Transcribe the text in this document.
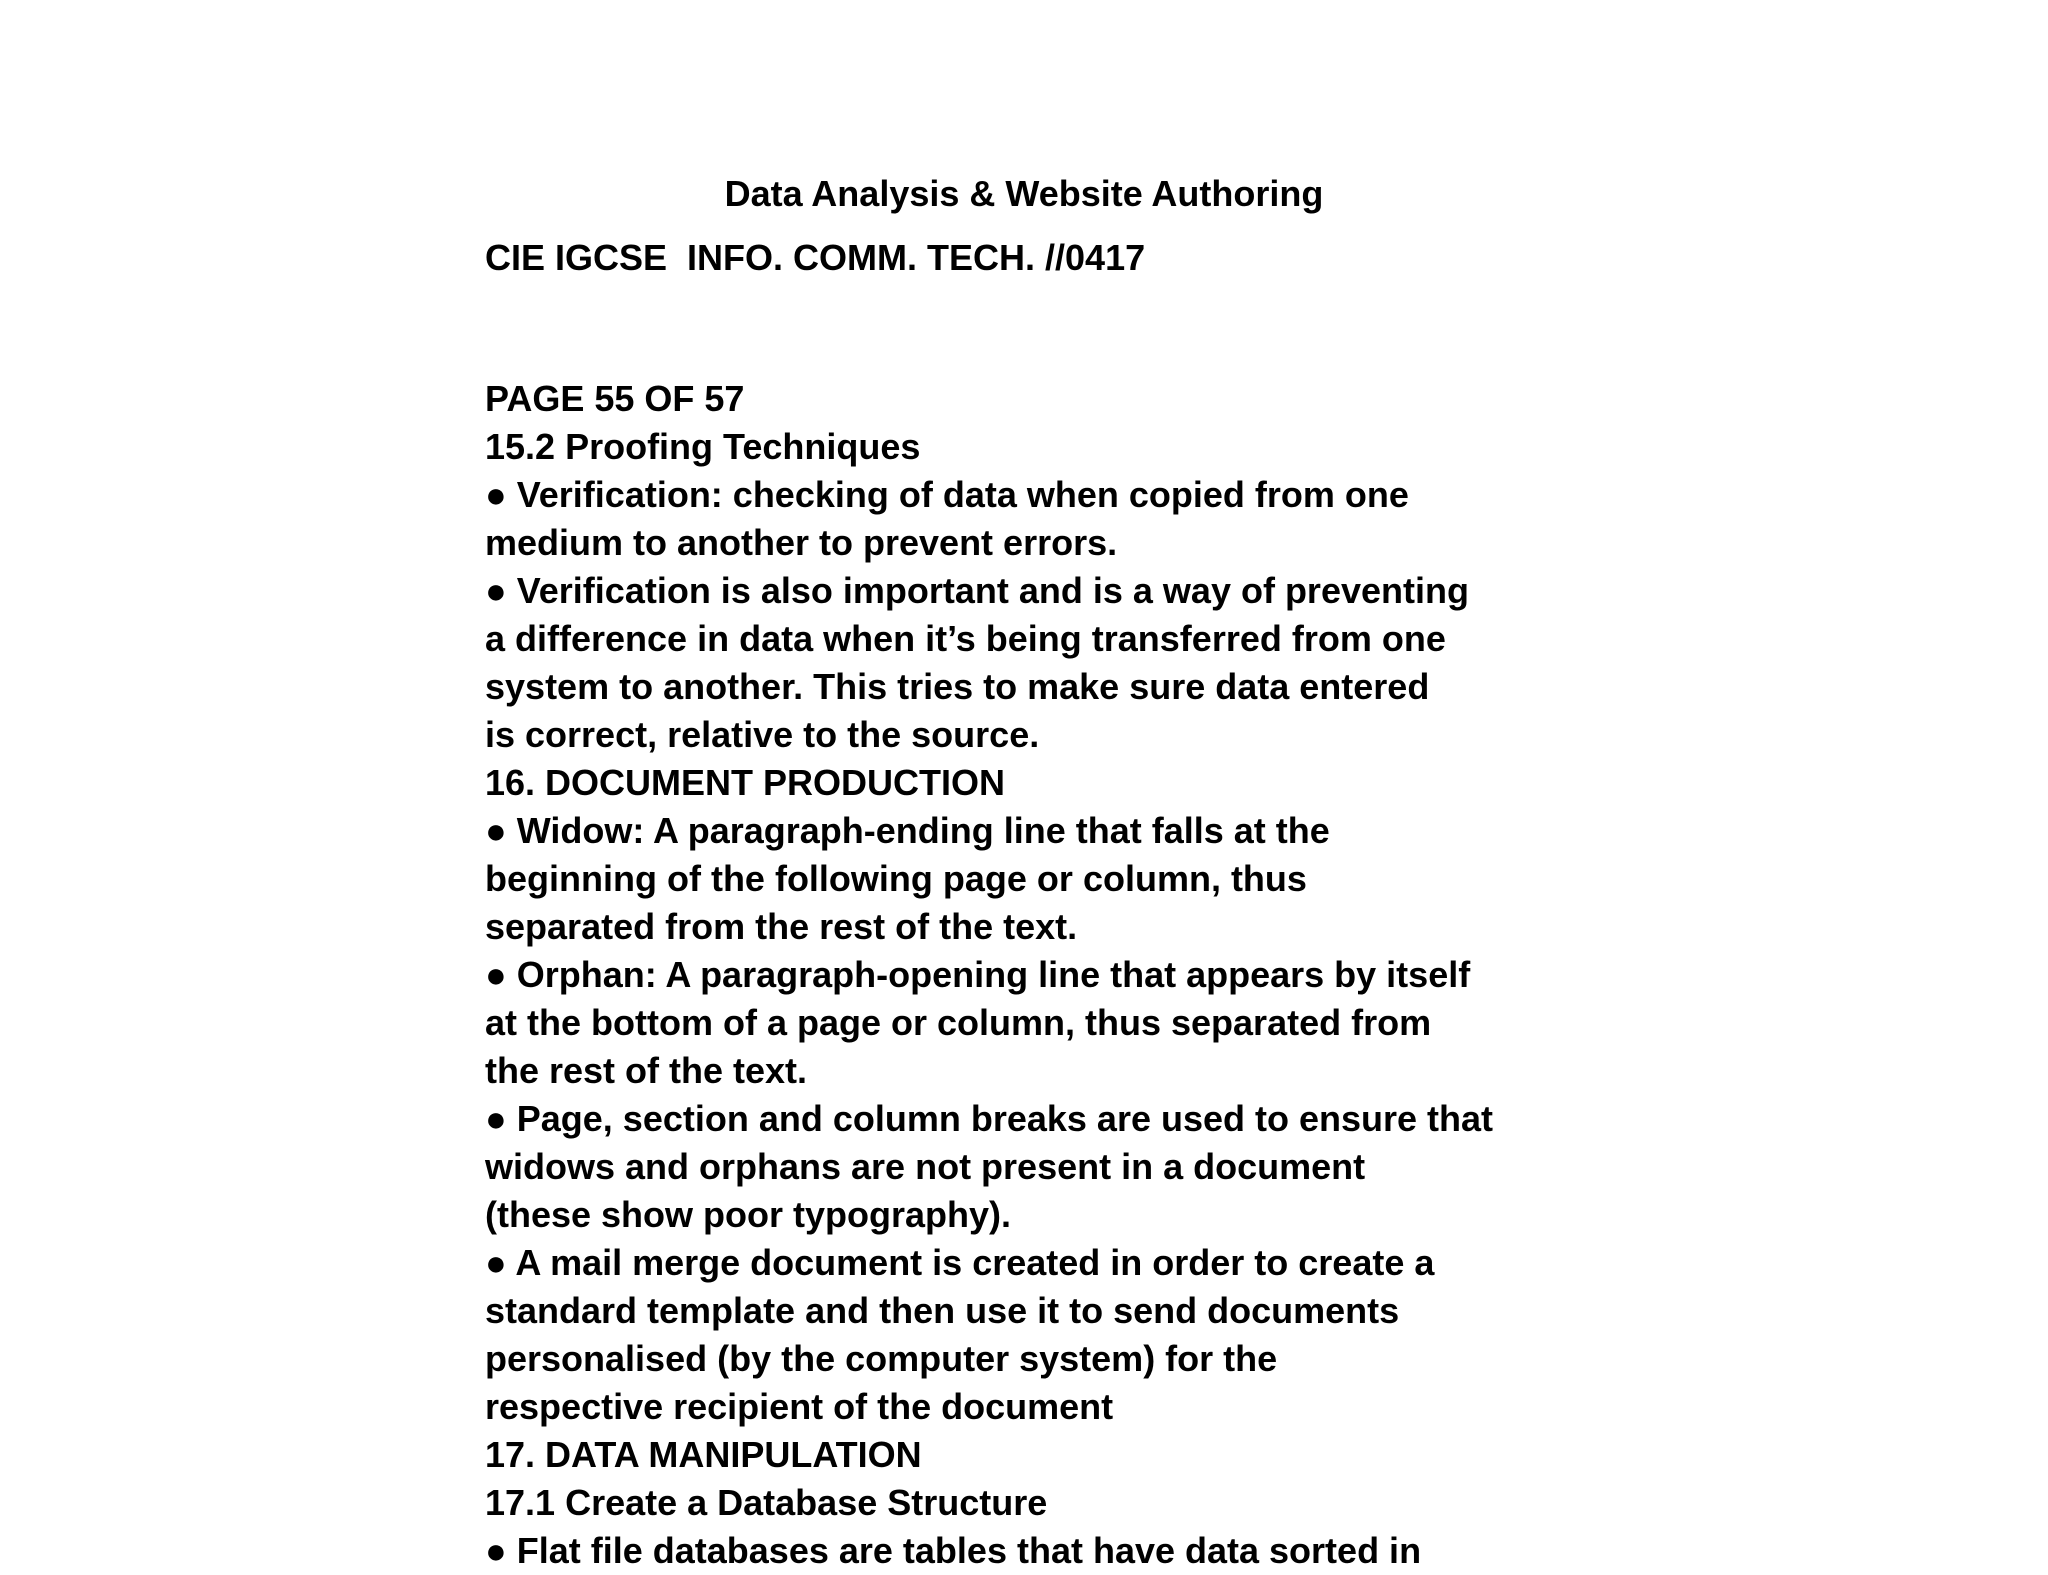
Data Analysis & Website Authoring
CIE IGCSE  INFO. COMM. TECH. //0417
PAGE 55 OF 57
15.2 Proofing Techniques
● Verification: checking of data when copied from one
medium to another to prevent errors.
● Verification is also important and is a way of preventing
a difference in data when it’s being transferred from one
system to another. This tries to make sure data entered
is correct, relative to the source.
16. DOCUMENT PRODUCTION
● Widow: A paragraph-ending line that falls at the
beginning of the following page or column, thus
separated from the rest of the text.
● Orphan: A paragraph-opening line that appears by itself
at the bottom of a page or column, thus separated from
the rest of the text.
● Page, section and column breaks are used to ensure that
widows and orphans are not present in a document
(these show poor typography).
● A mail merge document is created in order to create a
standard template and then use it to send documents
personalised (by the computer system) for the
respective recipient of the document
17. DATA MANIPULATION
17.1 Create a Database Structure
● Flat file databases are tables that have data sorted in
